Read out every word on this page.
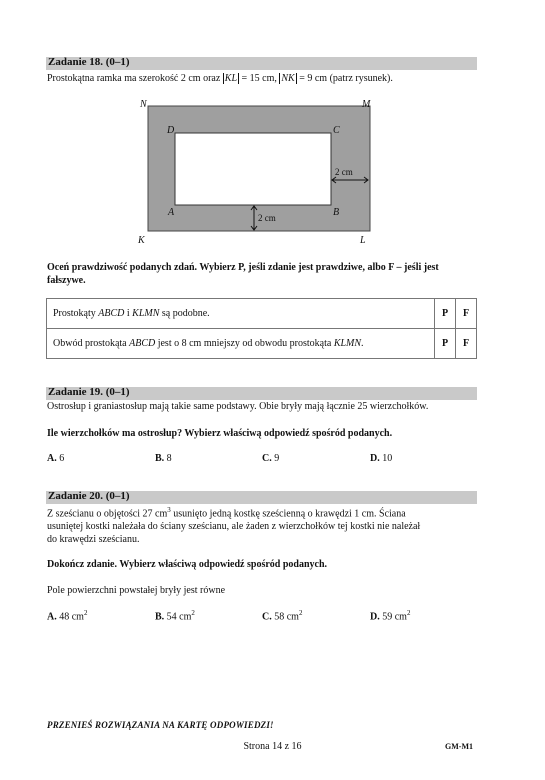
Zadanie 18. (0–1)
Prostokątna ramka ma szerokość 2 cm oraz KL = 15 cm, NK = 9 cm (patrz rysunek).
N	M
K	L
D	C
A	B
2 cm
2 cm
Oceń prawdziwość podanych zdań. Wybierz P, jeśli zdanie jest prawdziwe, albo F – jeśli jest fałszywe.
Prostokąty ABCD i KLMN są podobne.	P	F
Obwód prostokąta ABCD jest o 8 cm mniejszy od obwodu prostokąta KLMN.	P	F
Zadanie 19. (0–1)
Ostrosłup i graniastosłup mają takie same podstawy. Obie bryły mają łącznie 25 wierzchołków.
Ile wierzchołków ma ostrosłup? Wybierz właściwą odpowiedź spośród podanych.
A. 6	B. 8	C. 9	D. 10
Zadanie 20. (0–1)
Z sześcianu o objętości 27 $cm^3$ usunięto jedną kostkę sześcienną o krawędzi 1 cm. Ściana
usuniętej kostki należała do ściany sześcianu, ale żaden z wierzchołków tej kostki nie należał
do krawędzi sześcianu.
Dokończ zdanie. Wybierz właściwą odpowiedź spośród podanych.
Pole powierzchni powstałej bryły jest równe
A. 48 $cm^2$	B. 54 $cm^2$	C. 58 $cm^2$	D. 59 $cm^2$
PRZENIEŚ ROZWIĄZANIA NA KARTĘ ODPOWIEDZI!
Strona 14 z 16	GM-M1
